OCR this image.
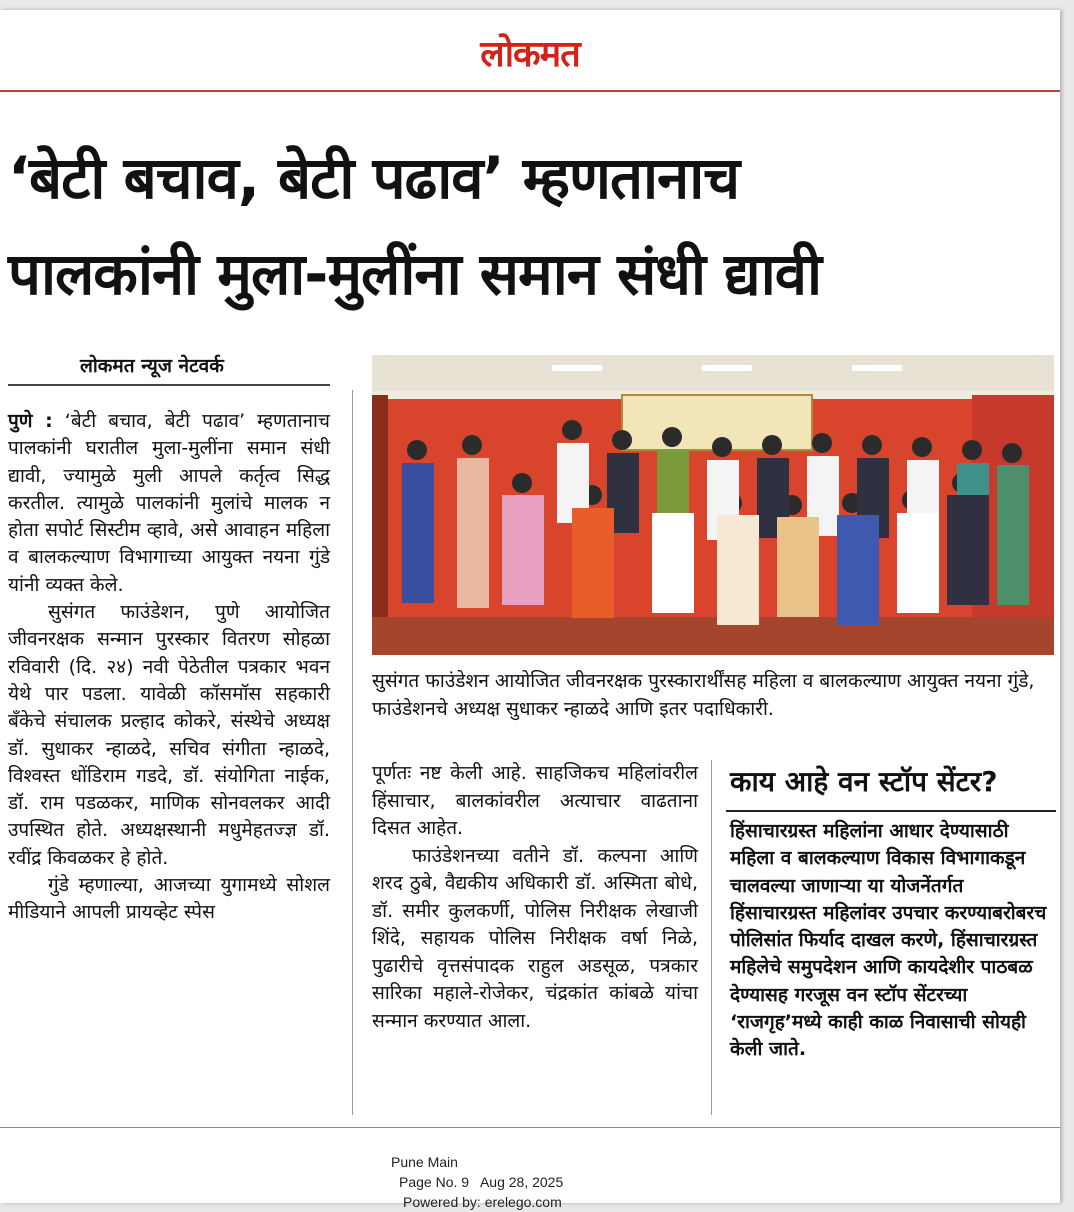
लोकमत
‘बेटी बचाव, बेटी पढाव’ म्हणतानाच
पालकांनी मुला-मुलींना समान संधी द्यावी
लोकमत न्यूज नेटवर्क

पुणे : ‘बेटी बचाव, बेटी पढाव’ म्हणतानाच पालकांनी घरातील मुला-मुलींना समान संधी द्यावी, ज्यामुळे मुली आपले कर्तृत्व सिद्ध करतील. त्यामुळे पालकांनी मुलांचे मालक न होता सपोर्ट सिस्टीम व्हावे, असे आवाहन महिला व बालकल्याण विभागाच्या आयुक्त नयना गुंडे यांनी व्यक्त केले.

सुसंगत फाउंडेशन, पुणे आयोजित जीवनरक्षक सन्मान पुरस्कार वितरण सोहळा रविवारी (दि. २४) नवी पेठेतील पत्रकार भवन येथे पार पडला. यावेळी कॉसमॉस सहकारी बँकेचे संचालक प्रल्हाद कोकरे, संस्थेचे अध्यक्ष डॉ. सुधाकर न्हाळदे, सचिव संगीता न्हाळदे, विश्वस्त धोंडिराम गडदे, डॉ. संयोगिता नाईक, डॉ. राम पडळकर, माणिक सोनवलकर आदी उपस्थित होते. अध्यक्षस्थानी मधुमेहतज्ज्ञ डॉ. रवींद्र किवळकर हे होते.

गुंडे म्हणाल्या, आजच्या युगामध्ये सोशल मीडियाने आपली प्रायव्हेट स्पेस

सुसंगत फाउंडेशन आयोजित जीवनरक्षक पुरस्कारार्थींसह महिला व बालकल्याण आयुक्त नयना गुंडे, फाउंडेशनचे अध्यक्ष सुधाकर न्हाळदे आणि इतर पदाधिकारी.

पूर्णतः नष्ट केली आहे. साहजिकच महिलांवरील हिंसाचार, बालकांवरील अत्याचार वाढताना दिसत आहेत.

फाउंडेशनच्या वतीने डॉ. कल्पना आणि शरद ठुबे, वैद्यकीय अधिकारी डॉ. अस्मिता बोधे, डॉ. समीर कुलकर्णी, पोलिस निरीक्षक लेखाजी शिंदे, सहायक पोलिस निरीक्षक वर्षा निळे, पुढारीचे वृत्तसंपादक राहुल अडसूळ, पत्रकार सारिका महाले-रोजेकर, चंद्रकांत कांबळे यांचा सन्मान करण्यात आला.

काय आहे वन स्टॉप सेंटर?

हिंसाचारग्रस्त महिलांना आधार देण्यासाठी महिला व बालकल्याण विकास विभागाकडून चालवल्या जाणाऱ्या या योजनेंतर्गत हिंसाचारग्रस्त महिलांवर उपचार करण्याबरोबरच पोलिसांत फिर्याद दाखल करणे, हिंसाचारग्रस्त महिलेचे समुपदेशन आणि कायदेशीर पाठबळ देण्यासह गरजूस वन स्टॉप सेंटरच्या ‘राजगृह’मध्ये काही काळ निवासाची सोयही केली जाते.

Pune Main
Page No. 9   Aug 28, 2025
Powered by: erelego.com
